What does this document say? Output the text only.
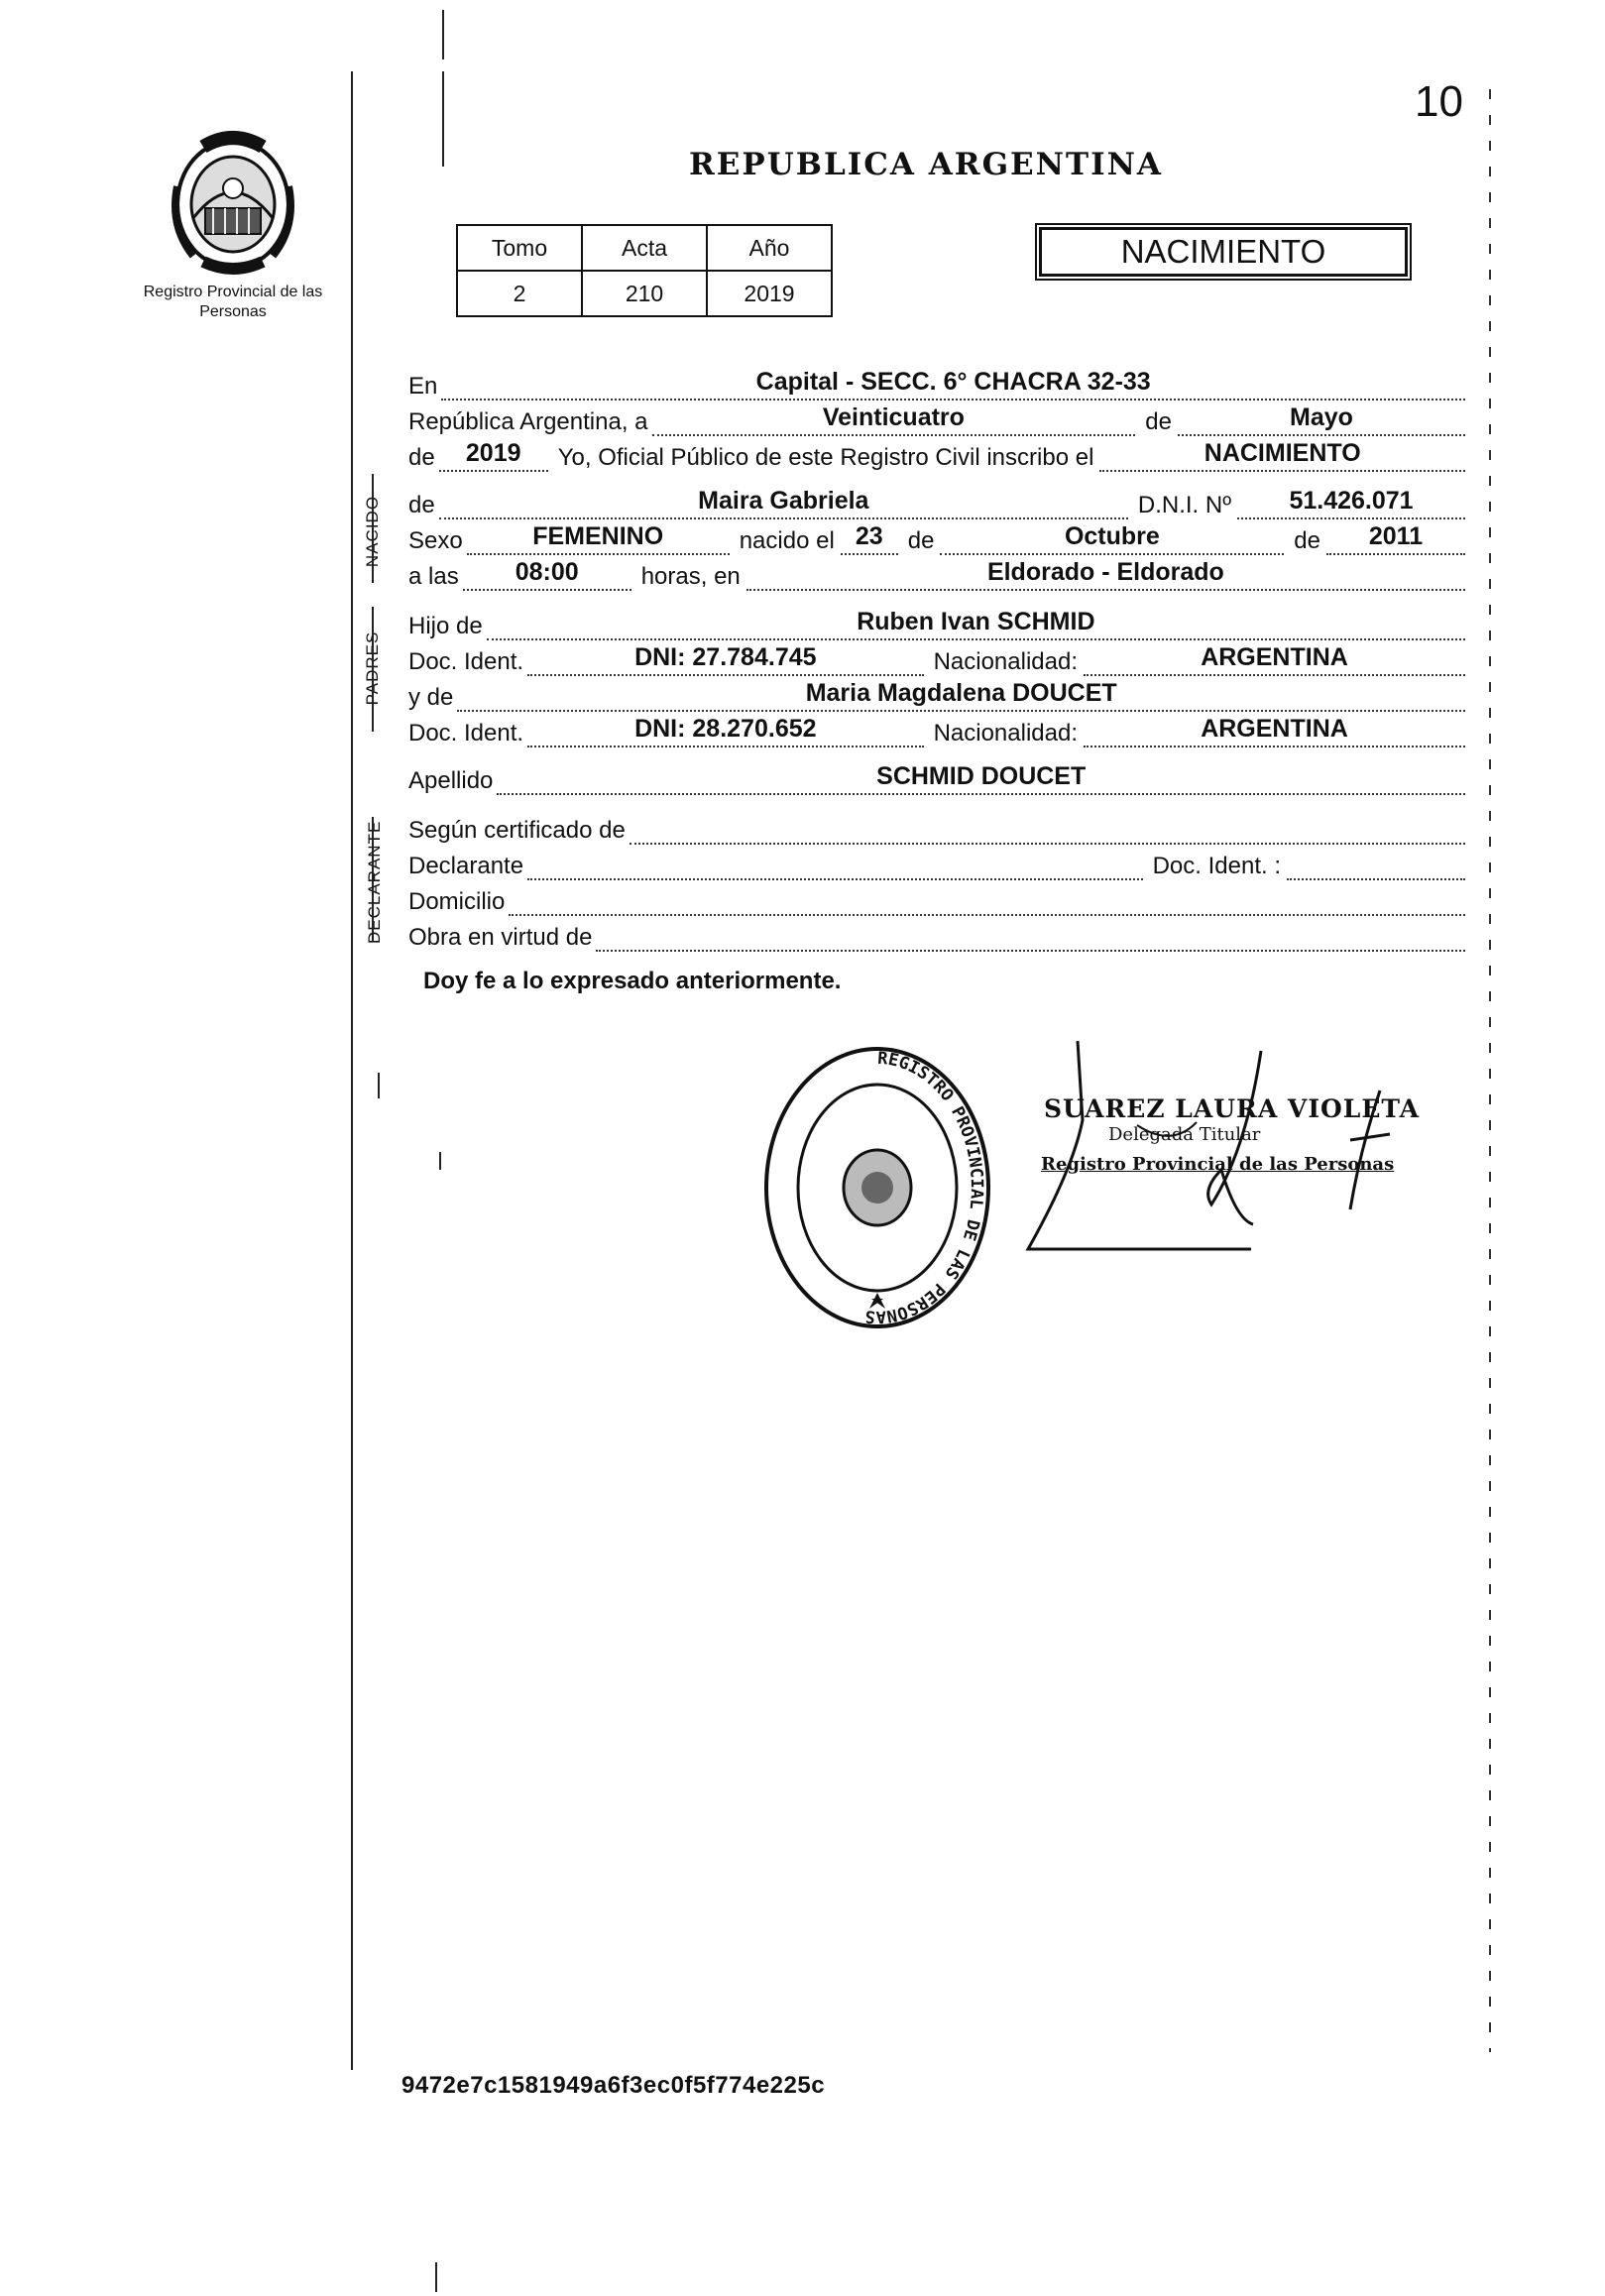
10
Registro Provincial de las Personas
REPUBLICA ARGENTINA
Tomo	Acta	Año
2	210	2019
NACIMIENTO
NACIDO
PADRES
DECLARANTE
En	Capital - SECC. 6° CHACRA 32-33
República Argentina, a	Veinticuatro	de	Mayo
de	2019	Yo, Oficial Público de este Registro Civil inscribo el	NACIMIENTO
de	Maira Gabriela	D.N.I. Nº	51.426.071
Sexo	FEMENINO	nacido el 23	de	Octubre	de	2011
a las	08:00	horas, en	Eldorado - Eldorado
Hijo de	Ruben Ivan SCHMID
Doc. Ident.	DNI: 27.784.745	Nacionalidad:	ARGENTINA
y de	Maria Magdalena DOUCET
Doc. Ident.	DNI: 28.270.652	Nacionalidad:	ARGENTINA
Apellido	SCHMID DOUCET
Según certificado de
Declarante	Doc. Ident. :
Domicilio
Obra en virtud de
Doy fe a lo expresado anteriormente.
REGISTRO PROVINCIAL DE LAS PERSONAS
SUAREZ LAURA VIOLETA
Delegada Titular
Registro Provincial de las Personas
9472e7c1581949a6f3ec0f5f774e225c
